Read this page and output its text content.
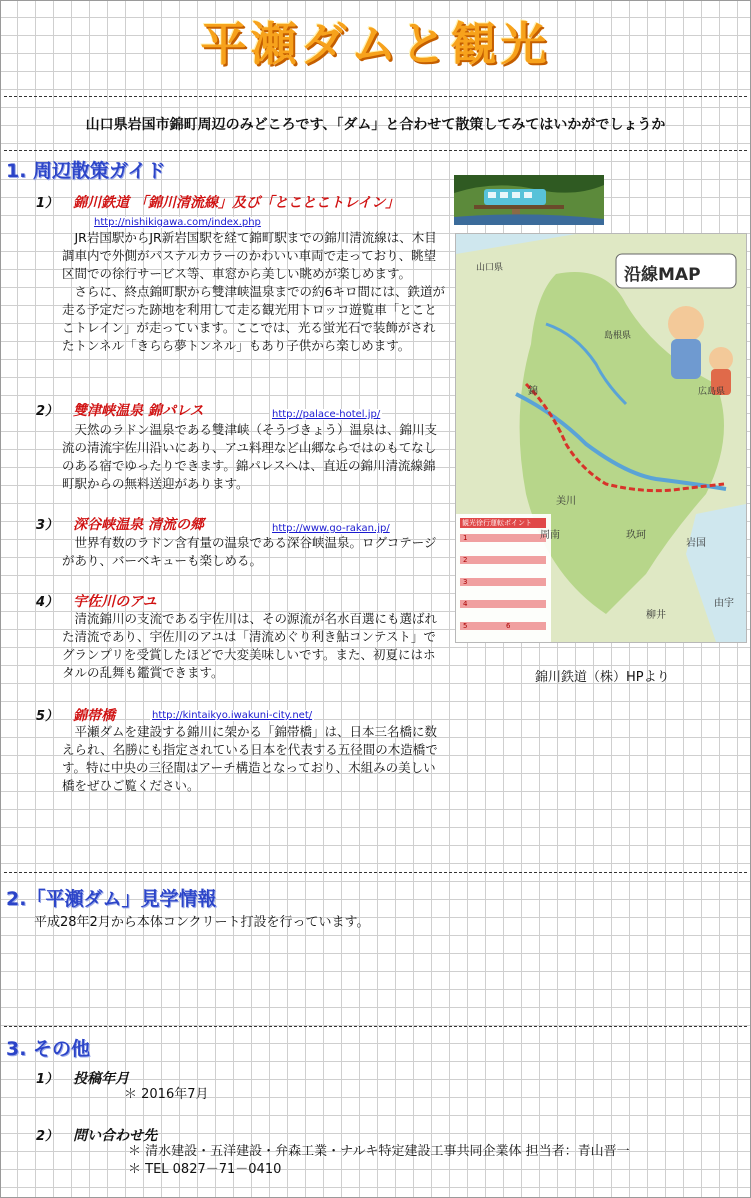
平瀬ダムと観光
山口県岩国市錦町周辺のみどころです、「ダム」と合わせて散策してみてはいかがでしょうか
1. 周辺散策ガイド
1） 錦川鉄道 「錦川清流線」及び「とことこトレイン」
http://nishikigawa.com/index.php

JR岩国駅からJR新岩国駅を経て錦町駅までの錦川清流線は、木目調車内で外側がパステルカラーのかわいい車両で走っており、眺望区間での徐行サービス等、車窓から美しい眺めが楽しめます。

さらに、終点錦町駅から雙津峡温泉までの約6キロ間には、鉄道が走る予定だった跡地を利用して走る観光用トロッコ遊覧車「とことこトレイン」が走っています。ここでは、光る蛍光石で装飾がされたトンネル「きらら夢トンネル」もあり子供から楽しめます。

2） 雙津峡温泉 錦パレス	http://palace-hotel.jp/

天然のラドン温泉である雙津峡（そうづきょう）温泉は、錦川支流の清流宇佐川沿いにあり、アユ料理など山郷ならではのもてなしのある宿でゆったりできます。錦パレスへは、直近の錦川清流線錦町駅からの無料送迎があります。

3） 深谷峡温泉 清流の郷	http://www.go-rakan.jp/

世界有数のラドン含有量の温泉である深谷峡温泉。ログコテージがあり、バーベキューも楽しめる。

4） 宇佐川のアユ

清流錦川の支流である宇佐川は、その源流が名水百選にも選ばれた清流であり、宇佐川のアユは「清流めぐり利き鮎コンテスト」でグランプリを受賞したほどで大変美味しいです。また、初夏にはホタルの乱舞も鑑賞できます。

5） 錦帯橋	http://kintaikyo.iwakuni-city.net/

平瀬ダムを建設する錦川に架かる「錦帯橋」は、日本三名橋に数えられ、名勝にも指定されている日本を代表する五径間の木造橋です。特に中央の三径間はアーチ構造となっており、木組みの美しい橋をぜひご覧ください。

沿線MAP
山口県
島根県
広島県
錦
美川
周南
岩国
由宇
柳井
玖珂
観光徐行運転ポイント
1
2
3
4
5	6
錦川鉄道（株）HPより
2.「平瀬ダム」見学情報
平成28年2月から本体コンクリート打設を行っています。
3. その他
1） 投稿年月
＊ 2016年7月
2） 問い合わせ先
＊ 清水建設・五洋建設・弁森工業・ナルキ特定建設工事共同企業体 担当者：青山晋一
＊ TEL 0827－71－0410
